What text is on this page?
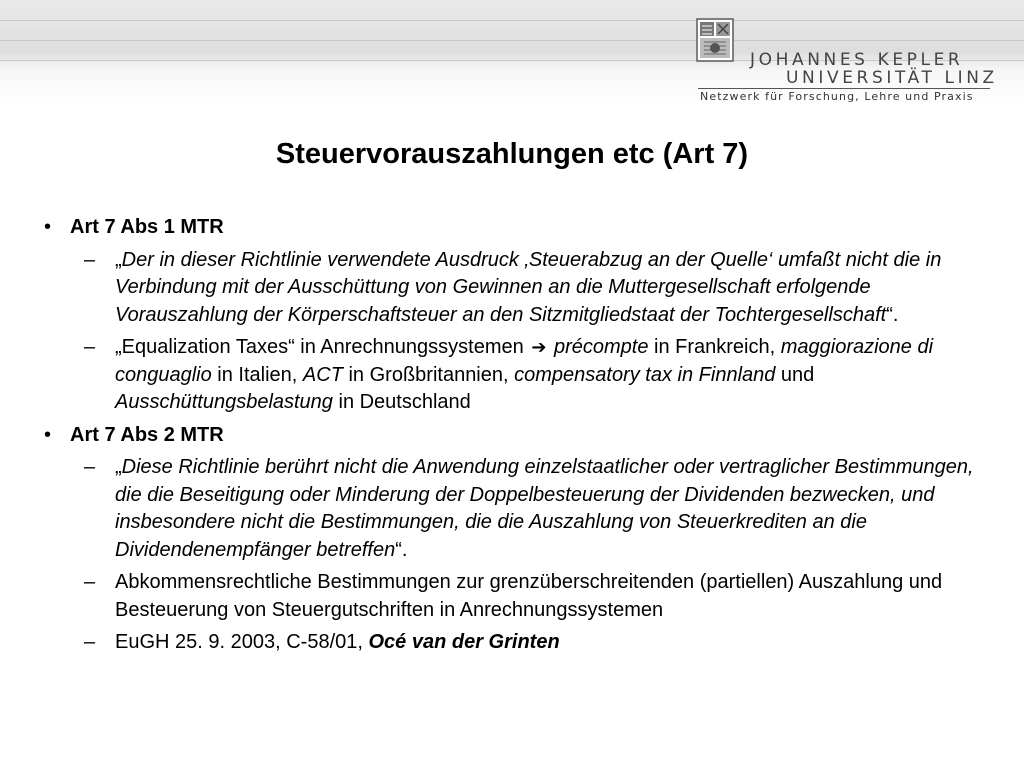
JOHANNES KEPLER
UNIVERSITÄT LINZ
Netzwerk für Forschung, Lehre und Praxis
Steuervorauszahlungen etc (Art 7)
• Art 7 Abs 1 MTR
– „Der in dieser Richtlinie verwendete Ausdruck ‚Steuerabzug an der Quelle‘ umfaßt nicht die in Verbindung mit der Ausschüttung von Gewinnen an die Muttergesellschaft erfolgende Vorauszahlung der Körperschaftsteuer an den Sitzmitgliedstaat der Tochtergesellschaft“.
– „Equalization Taxes“ in Anrechnungssystemen ➔ précompte in Frankreich, maggiorazione di conguaglio in Italien, ACT in Großbritannien, compensatory tax in Finnland und Ausschüttungsbelastung in Deutschland
• Art 7 Abs 2 MTR
– „Diese Richtlinie berührt nicht die Anwendung einzelstaatlicher oder vertraglicher Bestimmungen, die die Beseitigung oder Minderung der Doppelbesteuerung der Dividenden bezwecken, und insbesondere nicht die Bestimmungen, die die Auszahlung von Steuerkrediten an die Dividendenempfänger betreffen“.
– Abkommensrechtliche Bestimmungen zur grenzüberschreitenden (partiellen) Auszahlung und Besteuerung von Steuergutschriften in Anrechnungssystemen
– EuGH 25. 9. 2003, C-58/01, Océ van der Grinten
